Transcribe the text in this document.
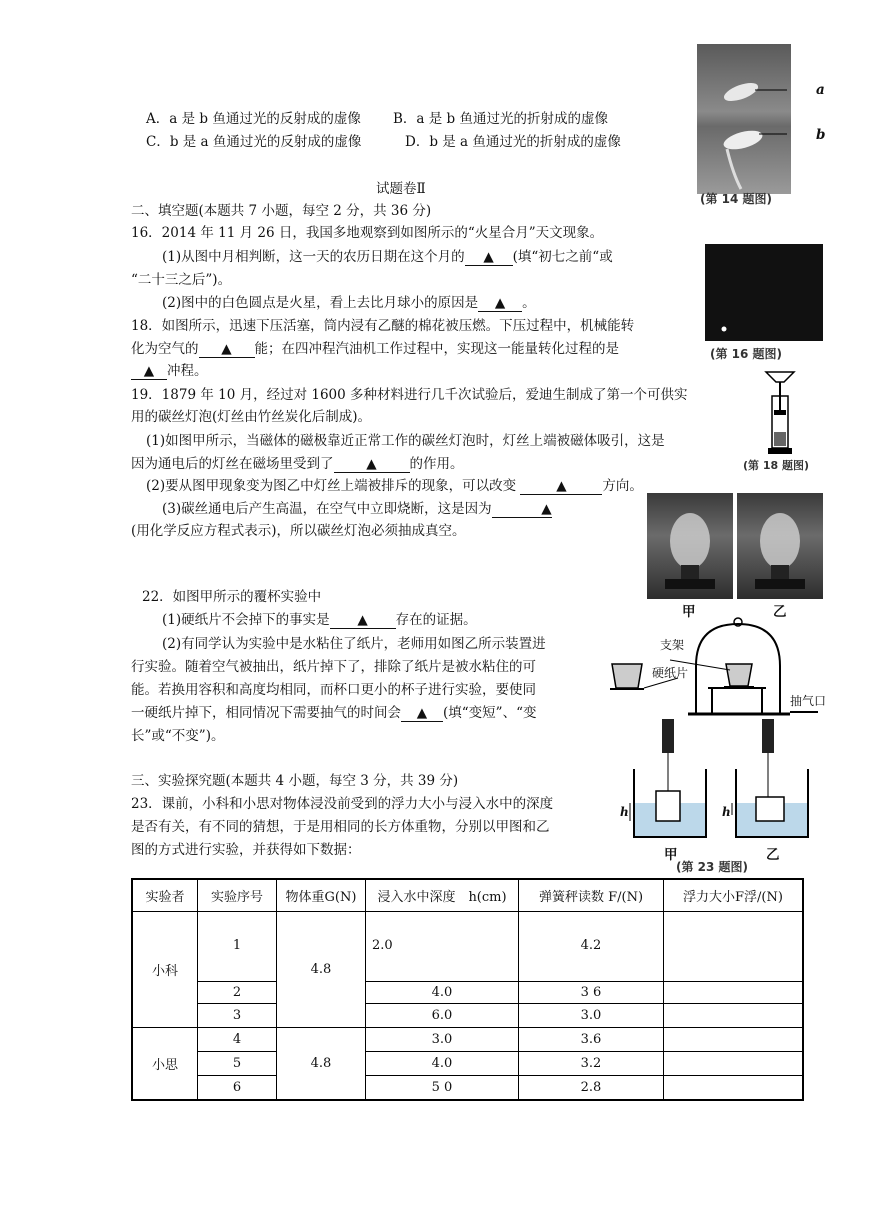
a
b
(第 14 题图)
A．a 是 b 鱼通过光的反射成的虚像 B．a 是 b 鱼通过光的折射成的虚像
C．b 是 a 鱼通过光的反射成的虚像	D．b 是 a 鱼通过光的折射成的虚像
试题卷Ⅱ
二、填空题(本题共 7 小题，每空 2 分，共 36 分)
16．2014 年 11 月 26 日，我国多地观察到如图所示的“火星合月”天文现象。
(1)从图中月相判断，这一天的农历日期在这个月的 ▲ (填“初七之前“或
“二十三之后”)。
(2)图中的白色圆点是火星，看上去比月球小的原因是 ▲ 。
(第 16 题图)
18．如图所示，迅速下压活塞，筒内浸有乙醚的棉花被压燃。下压过程中，机械能转
化为空气的 ▲ 能；在四冲程汽油机工作过程中，实现这一能量转化过程的是
▲ 冲程。
(第 18 题图)
19．1879 年 10 月，经过对 1600 多种材料进行几千次试验后，爱迪生制成了第一个可供实
用的碳丝灯泡(灯丝由竹丝炭化后制成)。
(1)如图甲所示，当磁体的磁极靠近正常工作的碳丝灯泡时，灯丝上端被磁体吸引，这是
因为通电后的灯丝在磁场里受到了 ▲ 的作用。
(2)要从图甲现象变为图乙中灯丝上端被排斥的现象，可以改变	▲	方向。
(3)碳丝通电后产生高温，在空气中立即烧断，这是因为	▲
(用化学反应方程式表示)，所以碳丝灯泡必须抽成真空。
甲	乙
22．如图甲所示的覆杯实验中
(1)硬纸片不会掉下的事实是 ▲ 存在的证据。
(2)有同学认为实验中是水粘住了纸片，老师用如图乙所示装置进
行实验。随着空气被抽出，纸片掉下了，排除了纸片是被水粘住的可
能。若换用容积和高度均相同，而杯口更小的杯子进行实验，要使同
一硬纸片掉下，相同情况下需要抽气的时间会 ▲ (填“变短”、“变
长”或“不变”)。
支架
硬纸片
抽气口
三、实验探究题(本题共 4 小题，每空 3 分，共 39 分)
23．课前，小科和小思对物体浸没前受到的浮力大小与浸入水中的深度
是否有关，有不同的猜想，于是用相同的长方体重物，分别以甲图和乙
图的方式进行实验，并获得如下数据：
h	h
甲	乙
(第 23 题图)
实验者	实验序号	物体重G(N)	浸入水中深度　h(cm)	弹簧秤读数 F/(N)	浮力大小F浮/(N)
小科	1	4.8	2.0	4.2	
	2		4.0	3 6	
	3		6.0	3.0	
小思	4	4.8	3.0	3.6	
	5		4.0	3.2	
	6		5 0	2.8	
